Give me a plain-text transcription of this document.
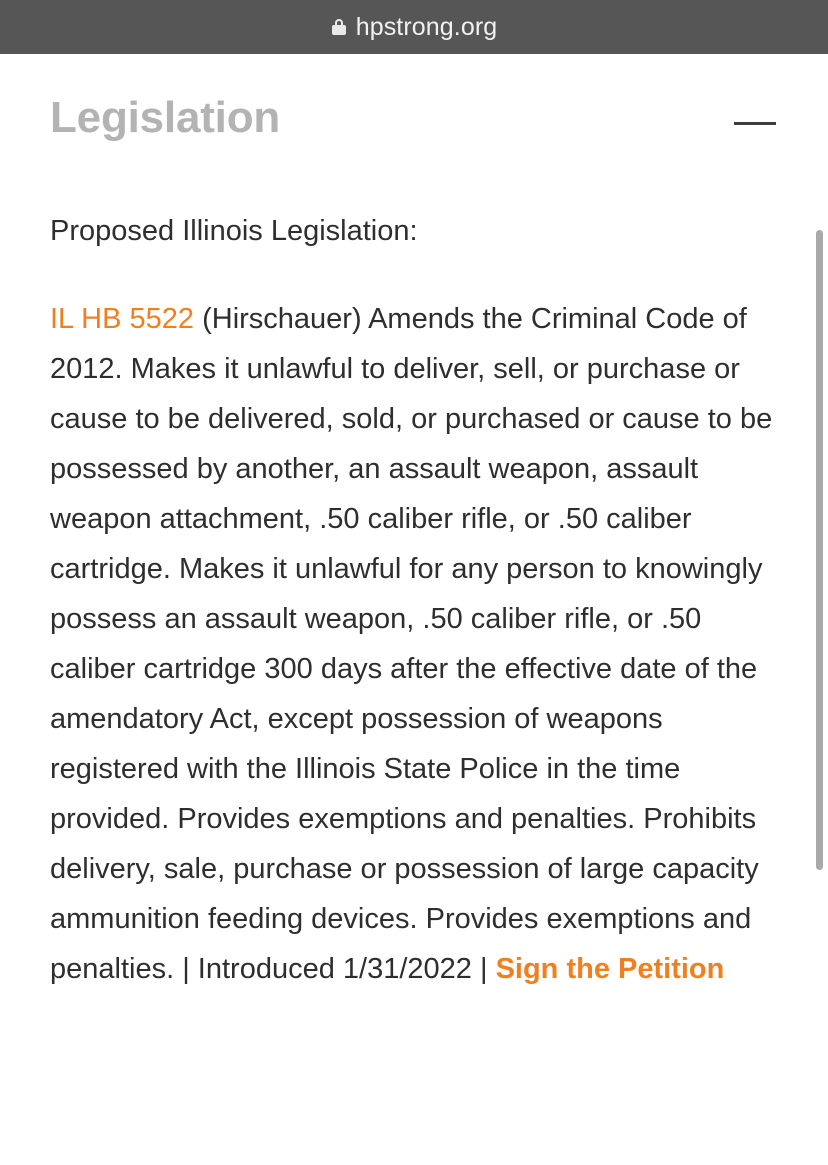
hpstrong.org
Legislation

Proposed Illinois Legislation:

IL HB 5522 (Hirschauer) Amends the Criminal Code of 2012. Makes it unlawful to deliver, sell, or purchase or cause to be delivered, sold, or purchased or cause to be possessed by another, an assault weapon, assault weapon attachment, .50 caliber rifle, or .50 caliber cartridge. Makes it unlawful for any person to knowingly possess an assault weapon, .50 caliber rifle, or .50 caliber cartridge 300 days after the effective date of the amendatory Act, except possession of weapons registered with the Illinois State Police in the time provided. Provides exemptions and penalties. Prohibits delivery, sale, purchase or possession of large capacity ammunition feeding devices. Provides exemptions and penalties. | Introduced 1/31/2022 | Sign the Petition
